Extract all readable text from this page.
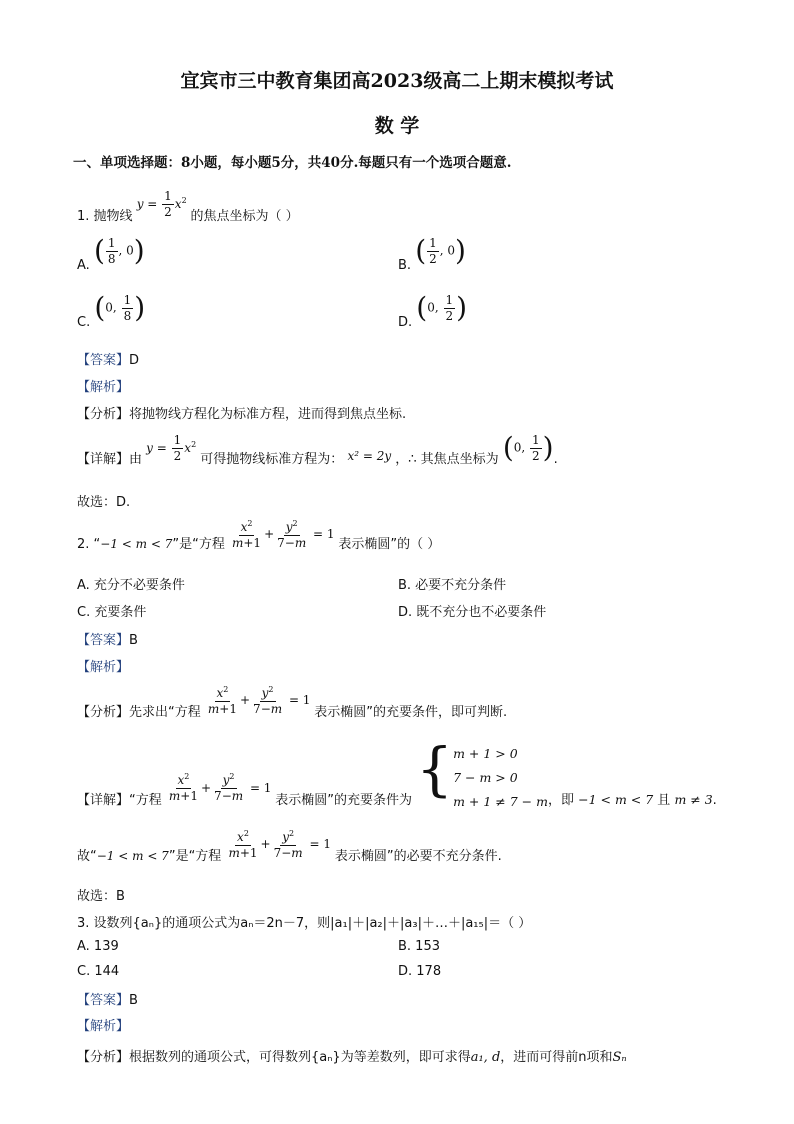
宜宾市三中教育集团高2023级高二上期末模拟考试
数 学
一、单项选择题：8小题，每小题5分，共40分.每题只有一个选项合题意.
1. 抛物线 $y = \frac{1}{2} x^2$ 的焦点坐标为（ ）
A. ( $\frac{1}{8}$ , 0)	B. ( $\frac{1}{2}$ , 0)
C. (0, $\frac{1}{8}$ )	D. (0, $\frac{1}{2}$ )
【答案】D
【解析】
【分析】将抛物线方程化为标准方程，进而得到焦点坐标.
【详解】由 $y = \frac{1}{2} x^2$ 可得抛物线标准方程为： x² = 2y ，∴ 其焦点坐标为 (0, $\frac{1}{2}$ ).
故选：D.
2. “−1 < m < 7”是“方程 $\frac{x^2}{m+1} + \frac{y^2}{7-m} = 1$ 表示椭圆”的（ ）
A. 充分不必要条件	B. 必要不充分条件
C. 充要条件	D. 既不充分也不必要条件
【答案】B
【解析】
【分析】先求出“方程 $\frac{x^2}{m+1} + \frac{y^2}{7-m} = 1$ 表示椭圆”的充要条件，即可判断.
【详解】“方程 $\frac{x^2}{m+1} + \frac{y^2}{7-m} = 1$ 表示椭圆”的充要条件为 { m + 1 > 0
7 − m > 0
m + 1 ≠ 7 − m ，即 −1 < m < 7 且 m ≠ 3.
故“−1 < m < 7”是“方程 $\frac{x^2}{m+1} + \frac{y^2}{7-m} = 1$ 表示椭圆”的必要不充分条件.
故选：B
3. 设数列{aₙ}的通项公式为aₙ＝2n－7，则|a₁|＋|a₂|＋|a₃|＋…＋|a₁₅|＝（ ）
A. 139	B. 153
C. 144	D. 178
【答案】B
【解析】
【分析】根据数列的通项公式，可得数列{aₙ}为等差数列，即可求得a₁, d，进而可得前n项和Sₙ
